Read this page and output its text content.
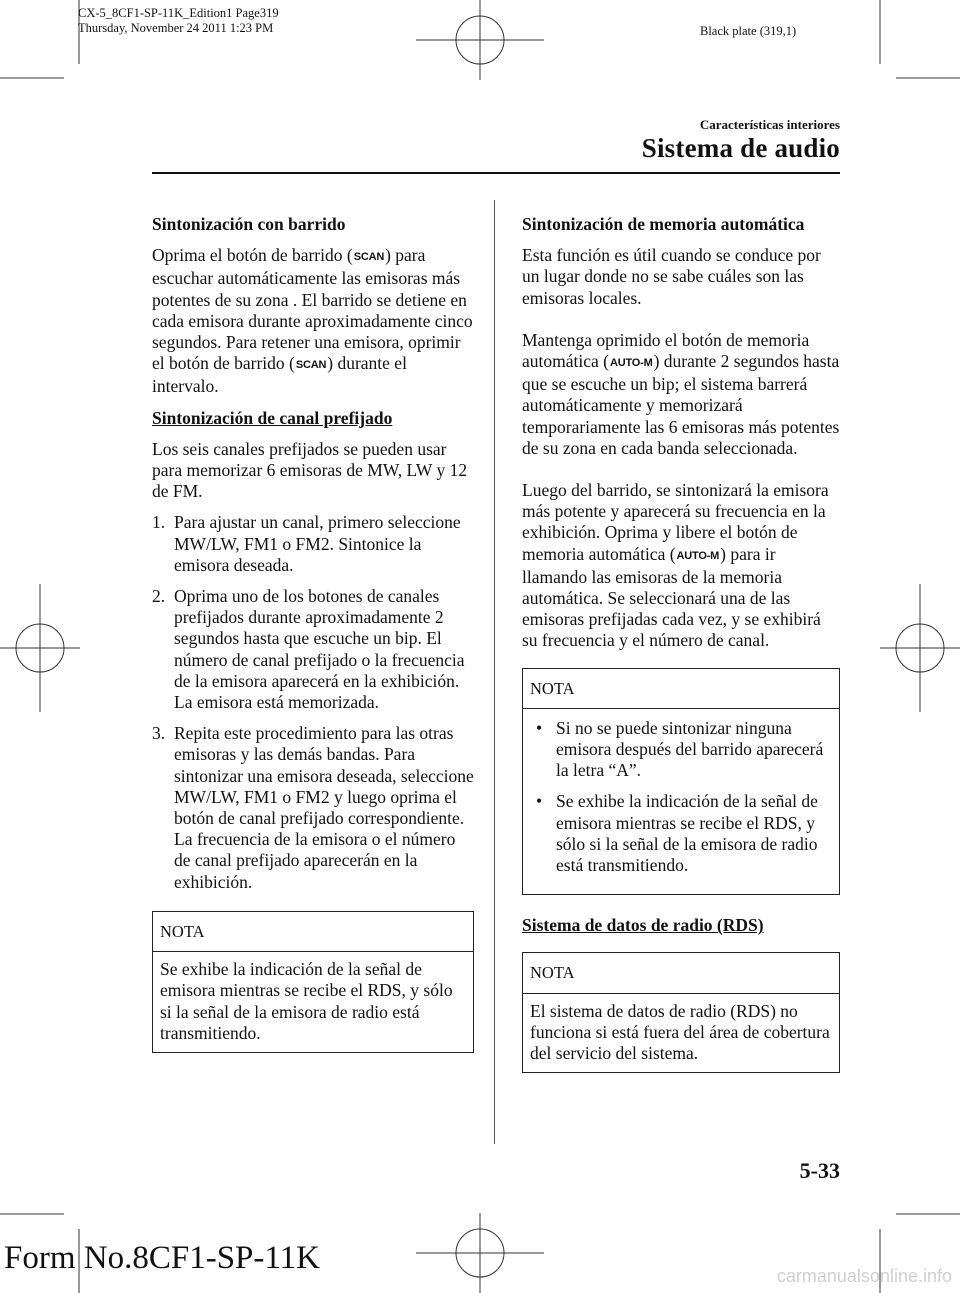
CX-5_8CF1-SP-11K_Edition1 Page319
Thursday, November 24 2011 1:23 PM	Black plate (319,1)
Características interiores
Sistema de audio

Sintonización con barrido

Oprima el botón de barrido (SCAN) para escuchar automáticamente las emisoras más potentes de su zona . El barrido se detiene en cada emisora durante aproximadamente cinco segundos. Para retener una emisora, oprimir el botón de barrido (SCAN) durante el intervalo.

Sintonización de canal prefijado

Los seis canales prefijados se pueden usar para memorizar 6 emisoras de MW, LW y 12 de FM.

1. Para ajustar un canal, primero seleccione MW/LW, FM1 o FM2. Sintonice la emisora deseada.
2. Oprima uno de los botones de canales prefijados durante aproximadamente 2 segundos hasta que escuche un bip. El número de canal prefijado o la frecuencia de la emisora aparecerá en la exhibición. La emisora está memorizada.
3. Repita este procedimiento para las otras emisoras y las demás bandas. Para sintonizar una emisora deseada, seleccione MW/LW, FM1 o FM2 y luego oprima el botón de canal prefijado correspondiente. La frecuencia de la emisora o el número de canal prefijado aparecerán en la exhibición.
NOTA
Se exhibe la indicación de la señal de emisora mientras se recibe el RDS, y sólo si la señal de la emisora de radio está transmitiendo.

Sintonización de memoria automática

Esta función es útil cuando se conduce por un lugar donde no se sabe cuáles son las emisoras locales.

Mantenga oprimido el botón de memoria automática (AUTO-M) durante 2 segundos hasta que se escuche un bip; el sistema barrerá automáticamente y memorizará temporariamente las 6 emisoras más potentes de su zona en cada banda seleccionada.

Luego del barrido, se sintonizará la emisora más potente y aparecerá su frecuencia en la exhibición. Oprima y libere el botón de memoria automática (AUTO-M) para ir llamando las emisoras de la memoria automática. Se seleccionará una de las emisoras prefijadas cada vez, y se exhibirá su frecuencia y el número de canal.

NOTA
• Si no se puede sintonizar ninguna emisora después del barrido aparecerá la letra “A”.
• Se exhibe la indicación de la señal de emisora mientras se recibe el RDS, y sólo si la señal de la emisora de radio está transmitiendo.

Sistema de datos de radio (RDS)

NOTA
El sistema de datos de radio (RDS) no funciona si está fuera del área de cobertura del servicio del sistema.
5-33
Form No.8CF1-SP-11K	carmanualsonline.info
